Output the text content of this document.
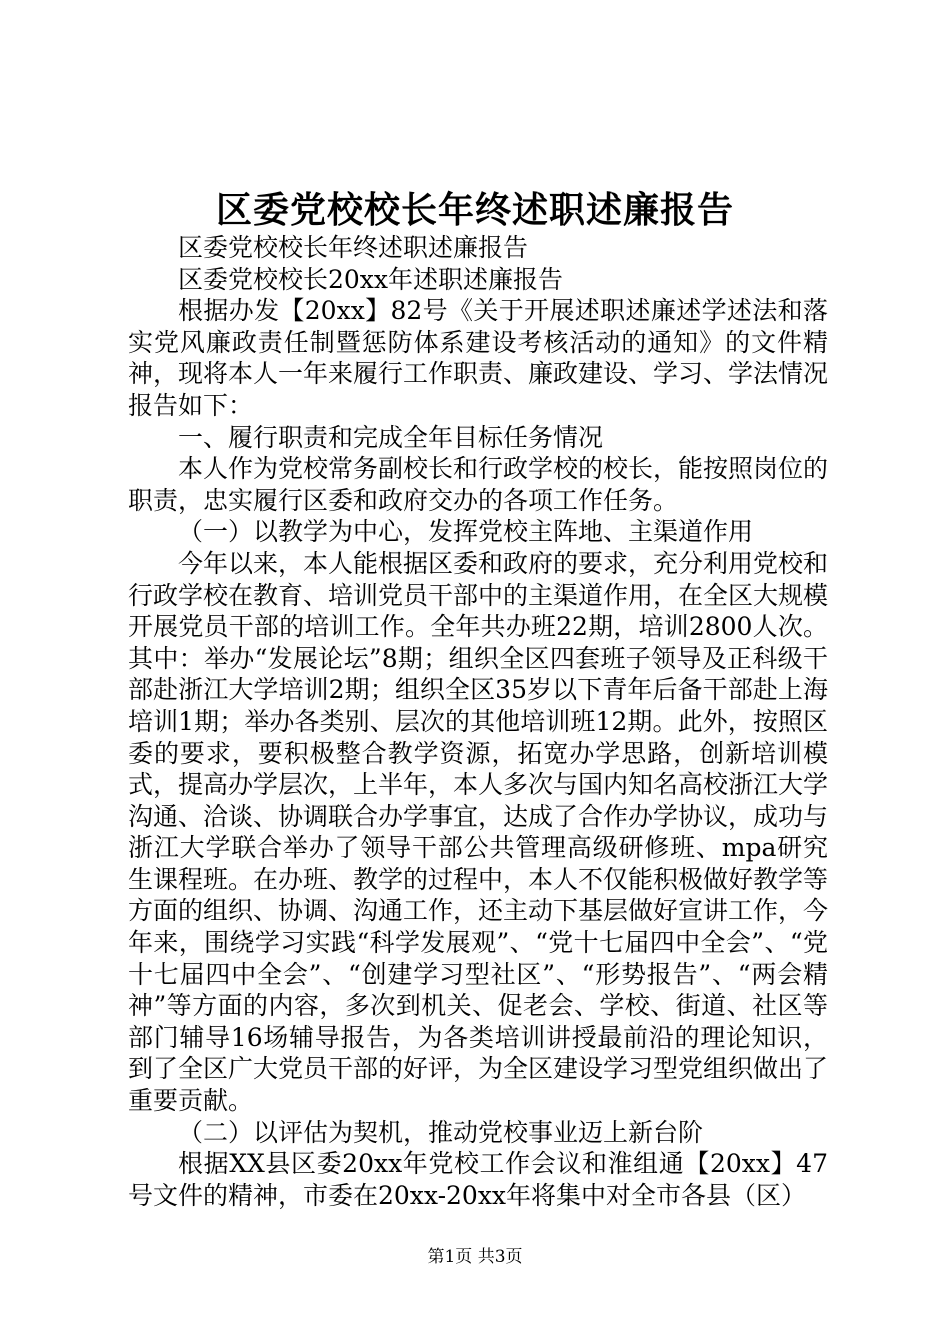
区委党校校长年终述职述廉报告

区委党校校长年终述职述廉报告

区委党校校长20xx年述职述廉报告

根据办发【20xx】82号《关于开展述职述廉述学述法和落实党风廉政责任制暨惩防体系建设考核活动的通知》的文件精神，现将本人一年来履行工作职责、廉政建设、学习、学法情况报告如下：

一、履行职责和完成全年目标任务情况

本人作为党校常务副校长和行政学校的校长，能按照岗位的职责，忠实履行区委和政府交办的各项工作任务。

（一）以教学为中心，发挥党校主阵地、主渠道作用

今年以来，本人能根据区委和政府的要求，充分利用党校和行政学校在教育、培训党员干部中的主渠道作用，在全区大规模开展党员干部的培训工作。全年共办班22期，培训2800人次。其中：举办“发展论坛”8期；组织全区四套班子领导及正科级干部赴浙江大学培训2期；组织全区35岁以下青年后备干部赴上海培训1期；举办各类别、层次的其他培训班12期。此外，按照区委的要求，要积极整合教学资源，拓宽办学思路，创新培训模式，提高办学层次，上半年，本人多次与国内知名高校浙江大学沟通、洽谈、协调联合办学事宜，达成了合作办学协议，成功与浙江大学联合举办了领导干部公共管理高级研修班、mpa研究生课程班。在办班、教学的过程中，本人不仅能积极做好教学等方面的组织、协调、沟通工作，还主动下基层做好宣讲工作，今年来，围绕学习实践“科学发展观”、“党十七届四中全会”、“党十七届四中全会”、“创建学习型社区”、“形势报告”、“两会精神”等方面的内容，多次到机关、促老会、学校、街道、社区等部门辅导16场辅导报告，为各类培训讲授最前沿的理论知识，到了全区广大党员干部的好评，为全区建设学习型党组织做出了重要贡献。

（二）以评估为契机，推动党校事业迈上新台阶

根据XX县区委20xx年党校工作会议和淮组通【20xx】47号文件的精神，市委在20xx-20xx年将集中对全市各县（区）

第1页 共3页
